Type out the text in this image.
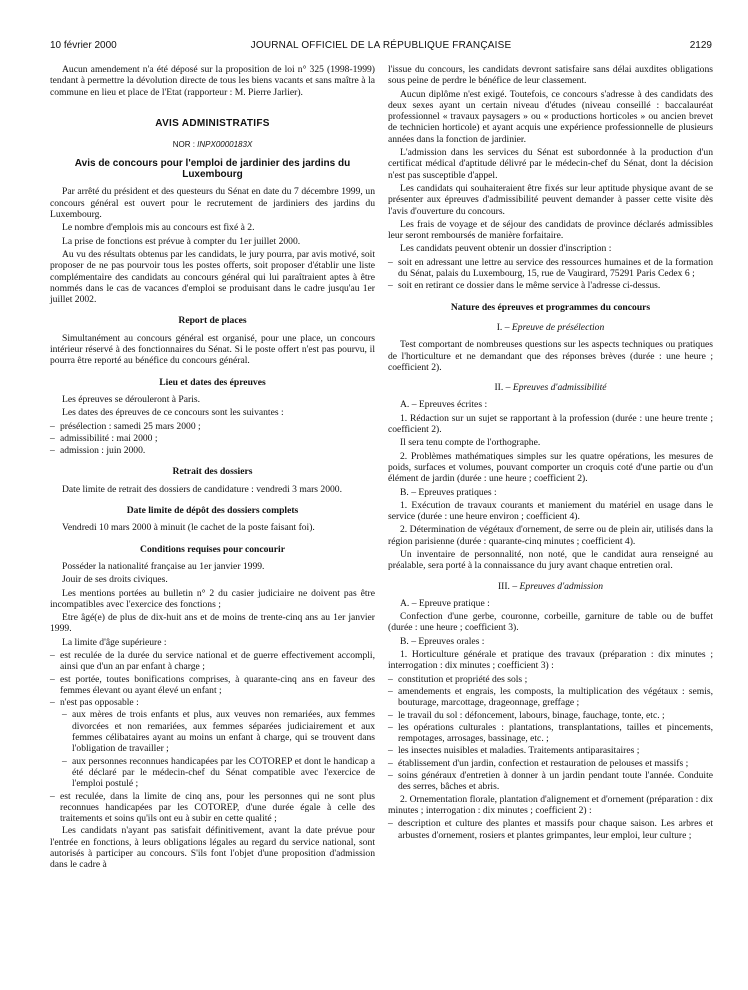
10 février 2000	JOURNAL OFFICIEL DE LA RÉPUBLIQUE FRANÇAISE	2129

Aucun amendement n'a été déposé sur la proposition de loi n° 325 (1998-1999) tendant à permettre la dévolution directe de tous les biens vacants et sans maître à la commune en lieu et place de l'Etat (rapporteur : M. Pierre Jarlier).

AVIS ADMINISTRATIFS
NOR : INPX0000183X
Avis de concours pour l'emploi de jardinier des jardins du Luxembourg

Par arrêté du président et des questeurs du Sénat en date du 7 décembre 1999, un concours général est ouvert pour le recrutement de jardiniers des jardins du Luxembourg.

Le nombre d'emplois mis au concours est fixé à 2.

La prise de fonctions est prévue à compter du 1er juillet 2000.

Au vu des résultats obtenus par les candidats, le jury pourra, par avis motivé, soit proposer de ne pas pourvoir tous les postes offerts, soit proposer d'établir une liste complémentaire des candidats au concours général qui lui paraîtraient aptes à être nommés dans le cas de vacances d'emploi se produisant dans le cadre jusqu'au 1er juillet 2002.

Report de places

Simultanément au concours général est organisé, pour une place, un concours intérieur réservé à des fonctionnaires du Sénat. Si le poste offert n'est pas pourvu, il pourra être reporté au bénéfice du concours général.

Lieu et dates des épreuves

Les épreuves se dérouleront à Paris.

Les dates des épreuves de ce concours sont les suivantes :

– présélection : samedi 25 mars 2000 ;
– admissibilité : mai 2000 ;
– admission : juin 2000.
Retrait des dossiers

Date limite de retrait des dossiers de candidature : vendredi 3 mars 2000.

Date limite de dépôt des dossiers complets

Vendredi 10 mars 2000 à minuit (le cachet de la poste faisant foi).

Conditions requises pour concourir

Posséder la nationalité française au 1er janvier 1999.

Jouir de ses droits civiques.

Les mentions portées au bulletin n° 2 du casier judiciaire ne doivent pas être incompatibles avec l'exercice des fonctions ;

Etre âgé(e) de plus de dix-huit ans et de moins de trente-cinq ans au 1er janvier 1999.

La limite d'âge supérieure :

– est reculée de la durée du service national et de guerre effectivement accompli, ainsi que d'un an par enfant à charge ;
– est portée, toutes bonifications comprises, à quarante-cinq ans en faveur des femmes élevant ou ayant élevé un enfant ;
– n'est pas opposable :
– aux mères de trois enfants et plus, aux veuves non remariées, aux femmes divorcées et non remariées, aux femmes séparées judiciairement et aux femmes célibataires ayant au moins un enfant à charge, qui se trouvent dans l'obligation de travailler ;
– aux personnes reconnues handicapées par les COTOREP et dont le handicap a été déclaré par le médecin-chef du Sénat compatible avec l'exercice de l'emploi postulé ;
– est reculée, dans la limite de cinq ans, pour les personnes qui ne sont plus reconnues handicapées par les COTOREP, d'une durée égale à celle des traitements et soins qu'ils ont eu à subir en cette qualité ;

Les candidats n'ayant pas satisfait définitivement, avant la date prévue pour l'entrée en fonctions, à leurs obligations légales au regard du service national, sont autorisés à participer au concours. S'ils font l'objet d'une proposition d'admission dans le cadre à

l'issue du concours, les candidats devront satisfaire sans délai auxdites obligations sous peine de perdre le bénéfice de leur classement.

Aucun diplôme n'est exigé. Toutefois, ce concours s'adresse à des candidats des deux sexes ayant un certain niveau d'études (niveau conseillé : baccalauréat professionnel « travaux paysagers » ou « productions horticoles » ou ancien brevet de technicien horticole) et ayant acquis une expérience professionnelle de plusieurs années dans la fonction de jardinier.

L'admission dans les services du Sénat est subordonnée à la production d'un certificat médical d'aptitude délivré par le médecin-chef du Sénat, dont la décision n'est pas susceptible d'appel.

Les candidats qui souhaiteraient être fixés sur leur aptitude physique avant de se présenter aux épreuves d'admissibilité peuvent demander à passer cette visite dès l'avis d'ouverture du concours.

Les frais de voyage et de séjour des candidats de province déclarés admissibles leur seront remboursés de manière forfaitaire.

Les candidats peuvent obtenir un dossier d'inscription :

– soit en adressant une lettre au service des ressources humaines et de la formation du Sénat, palais du Luxembourg, 15, rue de Vaugirard, 75291 Paris Cedex 6 ;
– soit en retirant ce dossier dans le même service à l'adresse ci-dessus.
Nature des épreuves et programmes du concours
I. – Epreuve de présélection

Test comportant de nombreuses questions sur les aspects techniques ou pratiques de l'horticulture et ne demandant que des réponses brèves (durée : une heure ; coefficient 2).

II. – Epreuves d'admissibilité

A. – Epreuves écrites :

1. Rédaction sur un sujet se rapportant à la profession (durée : une heure trente ; coefficient 2).

Il sera tenu compte de l'orthographe.

2. Problèmes mathématiques simples sur les quatre opérations, les mesures de poids, surfaces et volumes, pouvant comporter un croquis coté d'une partie ou d'un élément de jardin (durée : une heure ; coefficient 2).

B. – Epreuves pratiques :

1. Exécution de travaux courants et maniement du matériel en usage dans le service (durée : une heure environ ; coefficient 4).

2. Détermination de végétaux d'ornement, de serre ou de plein air, utilisés dans la région parisienne (durée : quarante-cinq minutes ; coefficient 4).

Un inventaire de personnalité, non noté, que le candidat aura renseigné au préalable, sera porté à la connaissance du jury avant chaque entretien oral.

III. – Epreuves d'admission

A. – Epreuve pratique :

Confection d'une gerbe, couronne, corbeille, garniture de table ou de buffet (durée : une heure ; coefficient 3).

B. – Epreuves orales :

1. Horticulture générale et pratique des travaux (préparation : dix minutes ; interrogation : dix minutes ; coefficient 3) :

– constitution et propriété des sols ;
– amendements et engrais, les composts, la multiplication des végétaux : semis, bouturage, marcottage, drageonnage, greffage ;
– le travail du sol : défoncement, labours, binage, fauchage, tonte, etc. ;
– les opérations culturales : plantations, transplantations, tailles et pincements, rempotages, arrosages, bassinage, etc. ;
– les insectes nuisibles et maladies. Traitements antiparasitaires ;
– établissement d'un jardin, confection et restauration de pelouses et massifs ;
– soins généraux d'entretien à donner à un jardin pendant toute l'année. Conduite des serres, bâches et abris.

2. Ornementation florale, plantation d'alignement et d'ornement (préparation : dix minutes ; interrogation : dix minutes ; coefficient 2) :

– description et culture des plantes et massifs pour chaque saison. Les arbres et arbustes d'ornement, rosiers et plantes grimpantes, leur emploi, leur culture ;
